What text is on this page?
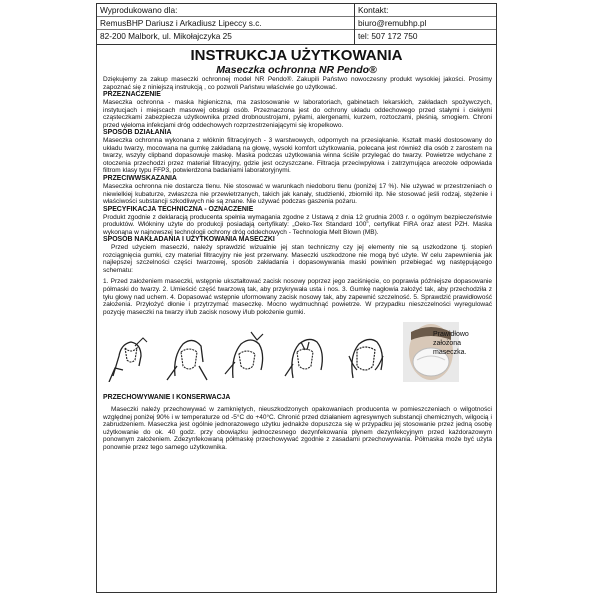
Wyprodukowano dla:
RemusBHP Dariusz i Arkadiusz Lipeccy s.c.
82-200 Malbork, ul. Mikołajczyka 25
Kontakt:
biuro@remubhp.pl
tel: 507 172 750
INSTRUKCJA UŻYTKOWANIA
Maseczka ochronna NR Pendo®

Dziękujemy za zakup maseczki ochronnej model NR Pendo®. Zakupili Państwo nowoczesny produkt wysokiej jakości. Prosimy zapoznać się z niniejszą instrukcją , co pozwoli Państwu właściwie go użytkować.

PRZEZNACZENIE

Maseczka ochronna - maska higieniczna, ma zastosowanie w laboratoriach, gabinetach lekarskich, zakładach spożywczych, instytucjach i miejscach masowej obsługi osób. Przeznaczona jest do ochrony układu oddechowego przed stałymi i ciekłymi cząsteczkami zabezpiecza użytkownika przed drobnoustrojami, pyłami, alergenami, kurzem, roztoczami, pleśnią, smogiem. Chroni przed wieloma infekcjami dróg oddechowych rozprzestrzeniającymi się kropelkowo.

SPOSÓB DZIAŁANIA

Maseczka ochronna wykonana z włóknin filtracyjnych - 3 warstwowych, odpornych na przesiąkanie. Kształt maski dostosowany do układu twarzy, mocowana na gumkę zakładaną na głowę, wysoki komfort użytkowania, polecana jest również dla osób z zarostem na twarzy, wszyty clipband dopasowuje maskę. Maska podczas użytkowania winna ściśle przylegać do twarzy. Powietrze wdychane z otoczenia przechodzi przez materiał filtracyjny, gdzie jest oczyszczane. Filtracja przeciwpyłowa i zatrzymująca areozole odpowiada filtrom klasy typu FFP3, potwierdzona badaniami laboratoryjnymi.

PRZECIWWSKAZANIA

Maseczka ochronna nie dostarcza tlenu. Nie stosować w warunkach niedoboru tlenu (poniżej 17 %). Nie używać w przestrzeniach o niewielkiej kubaturze, zwłaszcza nie przewietrzanych, takich jak kanały, studzienki, zbiorniki itp. Nie stosować jeśli rodzaj, stężenie i właściwości substancji szkodliwych nie są znane. Nie używać podczas gaszenia pożaru.

SPECYFIKACJA TECHNICZNA - OZNACZENIE

Produkt zgodnie z deklaracją producenta spełnia wymagania zgodne z Ustawą z dnia 12 grudnia 2003 r. o ogólnym bezpieczeństwie produktów. Włókniny użyte do produkcji posiadają certyfikaty: „Oeko-Tex Standard 100”, certyfikat FIRA oraz atest PZH. Maska wykonana w najnowszej technologii ochrony dróg oddechowych - Technologia Melt Blown (MB).

SPOSÓB NAKŁADANIA I UŻYTKOWANIA MASECZKI

Przed użyciem maseczki, należy sprawdzić wizualnie jej stan techniczny czy jej elementy nie są uszkodzone tj. stopień rozciągnięcia gumki, czy materiał filtracyjny nie jest przerwany. Maseczki uszkodzone nie mogą być użyte. W celu zapewnienia jak najlepszej szczelności części twarzowej, sposób zakładania i dopasowywania maski powinien przebiegać wg następującego schematu:

1. Przed założeniem maseczki, wstępnie ukształtować zacisk nosowy poprzez jego zaciśnięcie, co poprawia późniejsze dopasowanie półmaski do twarzy. 2. Umieścić część twarzową tak, aby przykrywała usta i nos. 3. Gumkę nagłowia założyć tak, aby przechodziła z tyłu głowy nad uchem. 4. Dopasować wstępnie uformowany zacisk nosowy tak, aby zapewnić szczelność. 5. Sprawdzić prawidłowość założenia. Przyłożyć dłonie i przytrzymać maseczkę. Mocno wydmuchnąć powietrze. W przypadku nieszczelności wyregulować pozycję maseczki na twarzy i/lub zacisk nosowy i/lub położenie gumki.

Prawidłowo założona maseczka.

PRZECHOWYWANIE I KONSERWACJA

Maseczki należy przechowywać w zamkniętych, nieuszkodzonych opakowaniach producenta w pomieszczeniach o wilgotności względnej poniżej 90% i w temperaturze od -5°C do +40°C. Chronić przed działaniem agresywnych substancji chemicznych, wilgocią i zabrudzeniem. Maseczka jest ogólnie jednorazowego użytku jednakże dopuszcza się w przypadku jej stosowanie przez jedną osobę użytkowanie do ok. 40 godz. przy obowiązku jednoczesnego dezynfekowania płynem dezynfekcyjnym przed każdorazowym ponownym założeniem. Zdezynfekowaną półmaskę przechowywać zgodnie z zasadami przechowywania. Półmaska może być użyta ponownie przez tego samego użytkownika.
